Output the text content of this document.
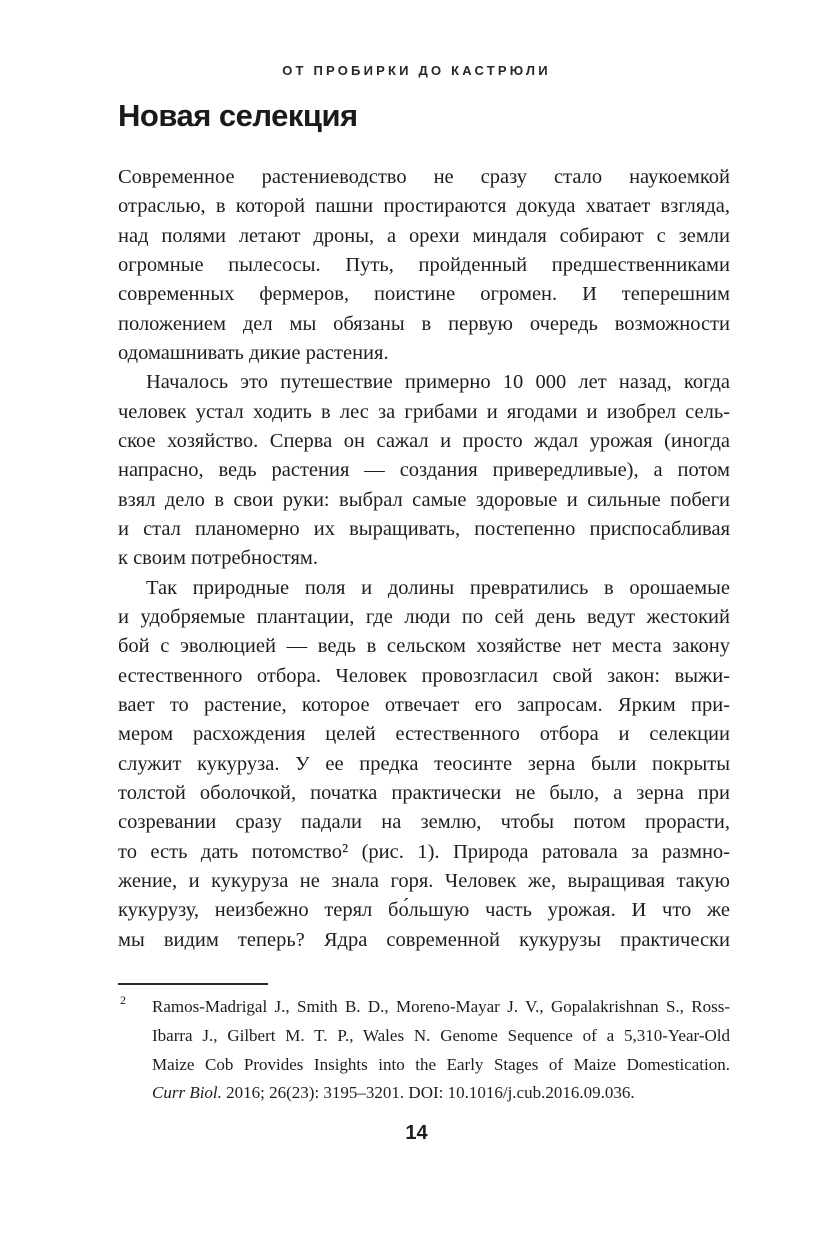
ОТ ПРОБИРКИ ДО КАСТРЮЛИ
Новая селекция
Современное растениеводство не сразу стало наукоемкой
отраслью, в которой пашни простираются докуда хватает взгляда,
над полями летают дроны, а орехи миндаля собирают с земли
огромные пылесосы. Путь, пройденный предшественниками
современных фермеров, поистине огромен. И теперешним
положением дел мы обязаны в первую очередь возможности
одомашнивать дикие растения.
Началось это путешествие примерно 10 000 лет назад, когда
человек устал ходить в лес за грибами и ягодами и изобрел сель-
ское хозяйство. Сперва он сажал и просто ждал урожая (иногда
напрасно, ведь растения — создания привередливые), а потом
взял дело в свои руки: выбрал самые здоровые и сильные побеги
и стал планомерно их выращивать, постепенно приспосабливая
к своим потребностям.
Так природные поля и долины превратились в орошаемые
и удобряемые плантации, где люди по сей день ведут жестокий
бой с эволюцией — ведь в сельском хозяйстве нет места закону
естественного отбора. Человек провозгласил свой закон: выжи-
вает то растение, которое отвечает его запросам. Ярким при-
мером расхождения целей естественного отбора и селекции
служит кукуруза. У ее предка теосинте зерна были покрыты
толстой оболочкой, початка практически не было, а зерна при
созревании сразу падали на землю, чтобы потом прорасти,
то есть дать потомство² (рис. 1). Природа ратовала за размно-
жение, и кукуруза не знала горя. Человек же, выращивая такую
кукурузу, неизбежно терял бо́льшую часть урожая. И что же
мы видим теперь? Ядра современной кукурузы практически
2 Ramos-Madrigal J., Smith B. D., Moreno-Mayar J. V., Gopalakrishnan S., Ross-
Ibarra J., Gilbert M. T. P., Wales N. Genome Sequence of a 5,310-Year-Old
Maize Cob Provides Insights into the Early Stages of Maize Domestication.
Curr Biol. 2016; 26(23): 3195–3201. DOI: 10.1016/j.cub.2016.09.036.
14
